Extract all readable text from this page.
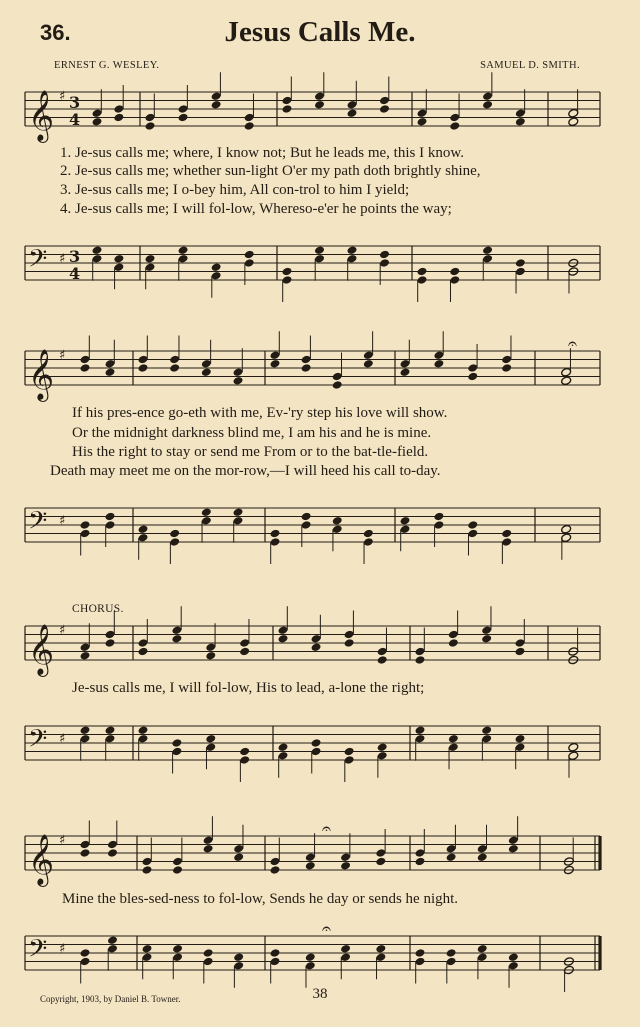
36.	Jesus Calls Me.
ERNEST G. WESLEY.	SAMUEL D. SMITH.
𝄞 ♯ 3
4
1. Je-sus calls me; where, I know not; But he leads me, this I know.
2. Je-sus calls me; whether sun-light O'er my path doth brightly shine,
3. Je-sus calls me; I o-bey him, All con-trol to him I yield;
4. Je-sus calls me; I will fol-low, Whereso-e'er he points the way;
𝄢 ♯ 3
4
𝄞 ♯
𝄐
If his pres-ence go-eth with me, Ev-'ry step his love will show.
Or the midnight darkness blind me, I am his and he is mine.
His the right to stay or send me From or to the bat-tle-field.
Death may meet me on the mor-row,—I will heed his call to-day.
𝄢 ♯
CHORUS.
𝄞 ♯
Je-sus calls me, I will fol-low, His to lead, a-lone the right;
𝄢 ♯
𝄞 ♯
𝄐
Mine the bles-sed-ness to fol-low, Sends he day or sends he night.
𝄢 ♯
𝄐
Copyright, 1903, by Daniel B. Towner.	38
